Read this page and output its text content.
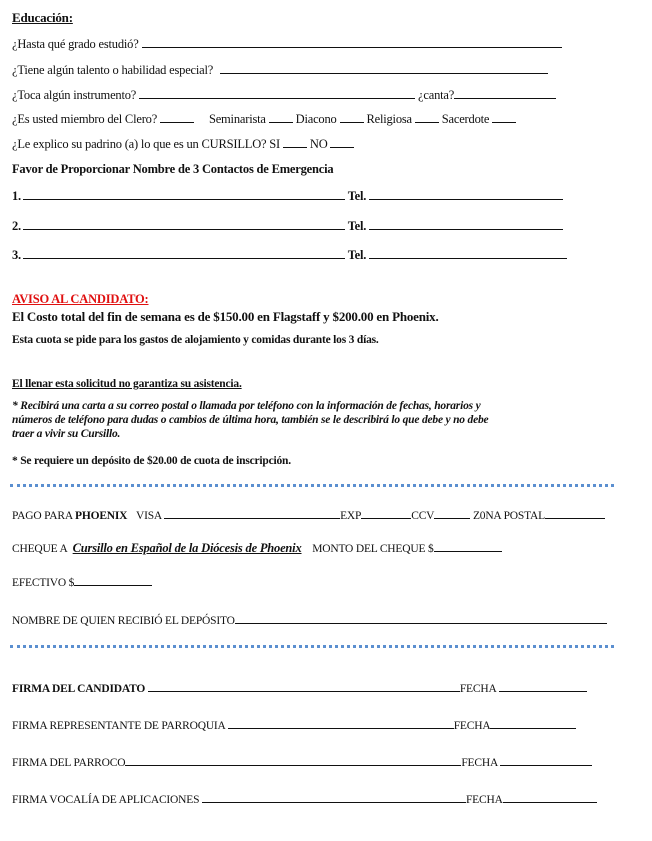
Educación:
¿Hasta qué grado estudió?
¿Tiene algún talento o habilidad especial?
¿Toca algún instrumento?	¿canta?
¿Es usted miembro del Clero?	Seminarista Diacono Religiosa Sacerdote
¿Le explico su padrino (a) lo que es un CURSILLO? SI NO
Favor de Proporcionar Nombre de 3 Contactos de Emergencia
1.	Tel.
2.	Tel.
3.	Tel.
AVISO AL CANDIDATO:
El Costo total del fin de semana es de $150.00 en Flagstaff y $200.00 en Phoenix.
Esta cuota se pide para los gastos de alojamiento y comidas durante los 3 días.
El llenar esta solicitud no garantiza su asistencia.
* Recibirá una carta a su correo postal o llamada por teléfono con la información de fechas, horarios y
números de teléfono para dudas o cambios de última hora, también se le describirá lo que debe y no debe
traer a vivir su Cursillo.
* Se requiere un depósito de $20.00 de cuota de inscripción.
PAGO PARA PHOENIX VISA	EXP	CCV	Z0NA POSTAL
CHEQUE A Cursillo en Español de la Diócesis de Phoenix MONTO DEL CHEQUE $
EFECTIVO $
NOMBRE DE QUIEN RECIBIÓ EL DEPÓSITO
FIRMA DEL CANDIDATO	FECHA
FIRMA REPRESENTANTE DE PARROQUIA	FECHA
FIRMA DEL PARROCO	FECHA
FIRMA VOCALÍA DE APLICACIONES	FECHA
